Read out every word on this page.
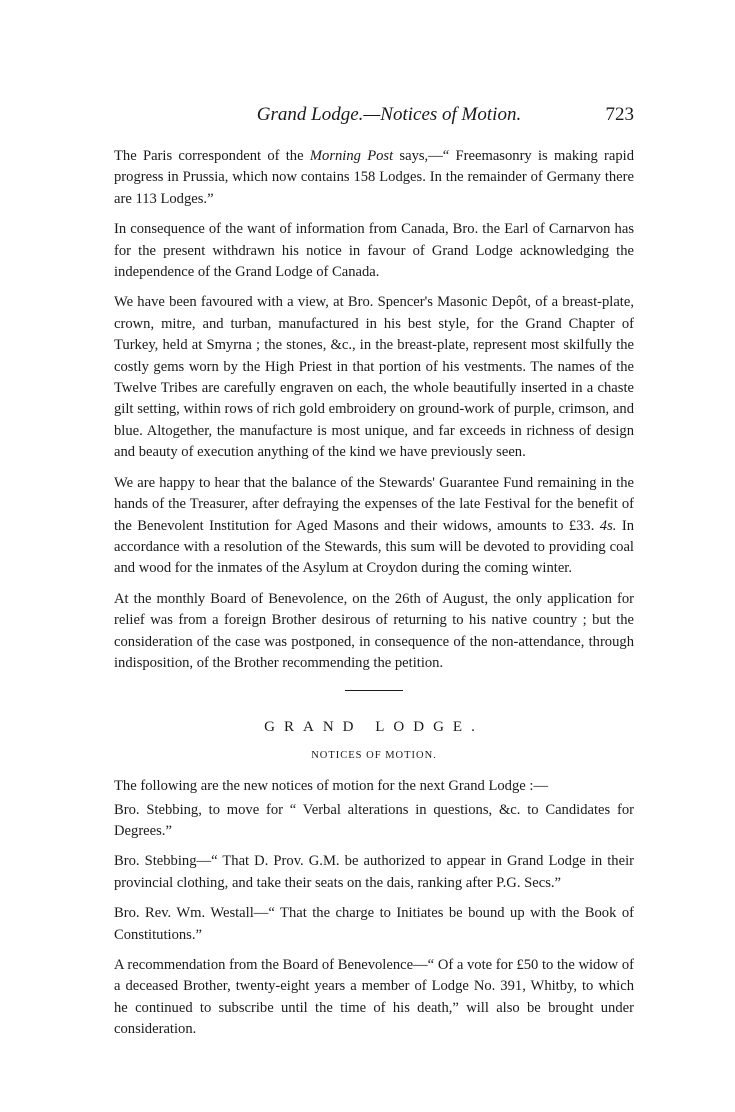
Grand Lodge.—Notices of Motion.	723

The Paris correspondent of the Morning Post says,—“ Freemasonry is making rapid progress in Prussia, which now contains 158 Lodges. In the remainder of Germany there are 113 Lodges.”

In consequence of the want of information from Canada, Bro. the Earl of Carnarvon has for the present withdrawn his notice in favour of Grand Lodge acknowledging the independence of the Grand Lodge of Canada.

We have been favoured with a view, at Bro. Spencer's Masonic Depôt, of a breast-plate, crown, mitre, and turban, manufactured in his best style, for the Grand Chapter of Turkey, held at Smyrna ; the stones, &c., in the breast-plate, represent most skilfully the costly gems worn by the High Priest in that portion of his vestments. The names of the Twelve Tribes are carefully engraven on each, the whole beautifully inserted in a chaste gilt setting, within rows of rich gold embroidery on ground-work of purple, crimson, and blue. Altogether, the manufacture is most unique, and far exceeds in richness of design and beauty of execution anything of the kind we have previously seen.

We are happy to hear that the balance of the Stewards' Guarantee Fund remaining in the hands of the Treasurer, after defraying the expenses of the late Festival for the benefit of the Benevolent Institution for Aged Masons and their widows, amounts to £33. 4s. In accordance with a resolution of the Stewards, this sum will be devoted to providing coal and wood for the inmates of the Asylum at Croydon during the coming winter.

At the monthly Board of Benevolence, on the 26th of August, the only application for relief was from a foreign Brother desirous of returning to his native country ; but the consideration of the case was postponed, in consequence of the non-attendance, through indisposition, of the Brother recommending the petition.

GRAND LODGE.
NOTICES OF MOTION.

The following are the new notices of motion for the next Grand Lodge :—

Bro. Stebbing, to move for “ Verbal alterations in questions, &c. to Candidates for Degrees.”

Bro. Stebbing—“ That D. Prov. G.M. be authorized to appear in Grand Lodge in their provincial clothing, and take their seats on the dais, ranking after P.G. Secs.”

Bro. Rev. Wm. Westall—“ That the charge to Initiates be bound up with the Book of Constitutions.”

A recommendation from the Board of Benevolence—“ Of a vote for £50 to the widow of a deceased Brother, twenty-eight years a member of Lodge No. 391, Whitby, to which he continued to subscribe until the time of his death,” will also be brought under consideration.
